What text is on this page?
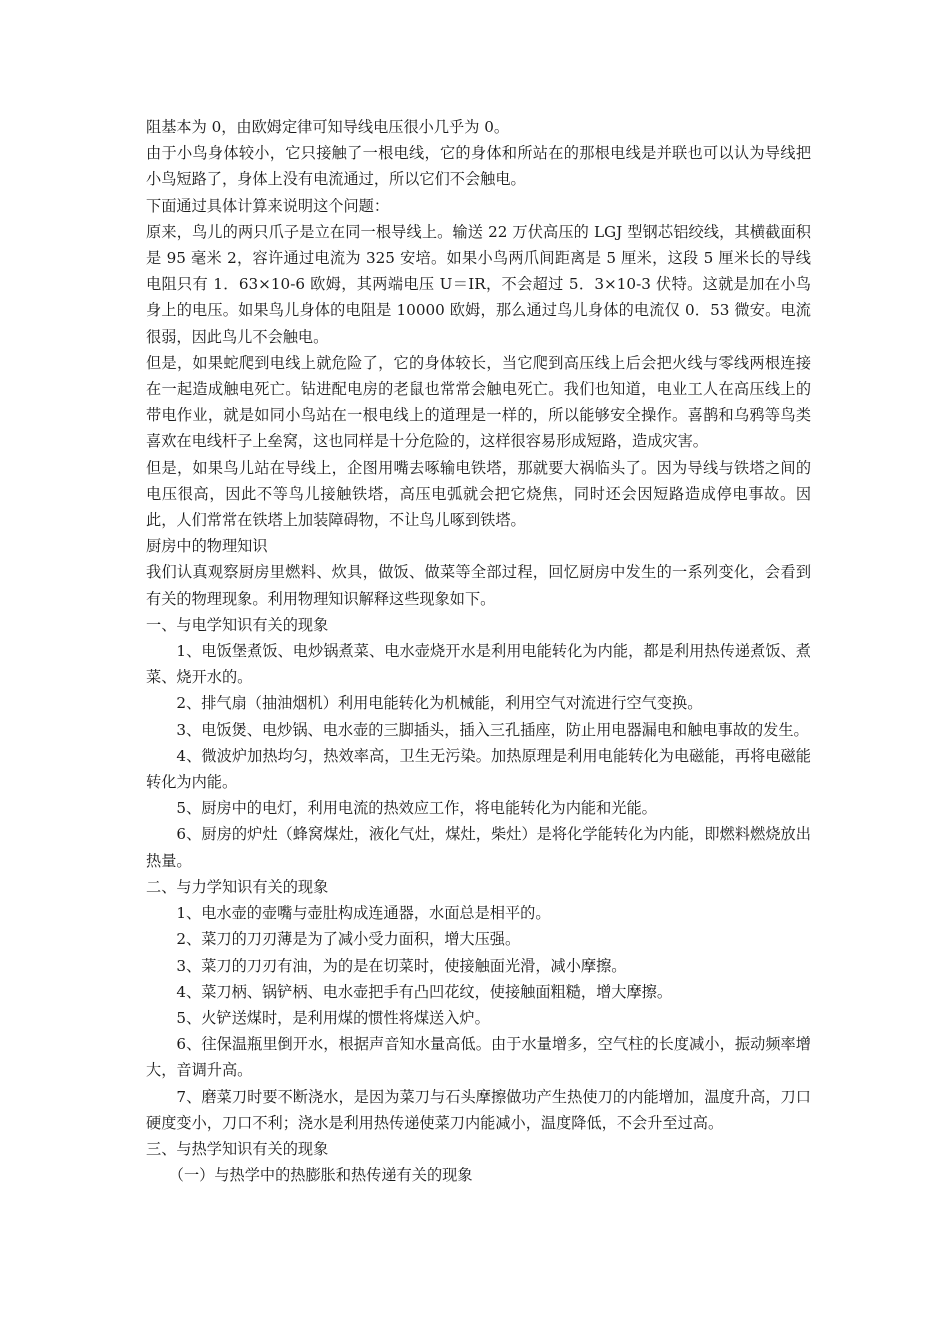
阻基本为 0，由欧姆定律可知导线电压很小几乎为 0。

由于小鸟身体较小，它只接触了一根电线，它的身体和所站在的那根电线是并联也可以认为导线把小鸟短路了，身体上没有电流通过，所以它们不会触电。

下面通过具体计算来说明这个问题：

原来，鸟儿的两只爪子是立在同一根导线上。输送 22 万伏高压的 LGJ 型钢芯铝绞线，其横截面积是 95 毫米 2，容许通过电流为 325 安培。如果小鸟两爪间距离是 5 厘米，这段 5 厘米长的导线电阻只有 1．63×10-6 欧姆，其两端电压 U＝IR，不会超过 5．3×10-3 伏特。这就是加在小鸟身上的电压。如果鸟儿身体的电阻是 10000 欧姆，那么通过鸟儿身体的电流仅 0．53 微安。电流很弱，因此鸟儿不会触电。

但是，如果蛇爬到电线上就危险了，它的身体较长，当它爬到高压线上后会把火线与零线两根连接在一起造成触电死亡。钻进配电房的老鼠也常常会触电死亡。我们也知道，电业工人在高压线上的带电作业，就是如同小鸟站在一根电线上的道理是一样的，所以能够安全操作。喜鹊和乌鸦等鸟类喜欢在电线杆子上垒窝，这也同样是十分危险的，这样很容易形成短路，造成灾害。

但是，如果鸟儿站在导线上，企图用嘴去啄输电铁塔，那就要大祸临头了。因为导线与铁塔之间的电压很高，因此不等鸟儿接触铁塔，高压电弧就会把它烧焦，同时还会因短路造成停电事故。因此，人们常常在铁塔上加装障碍物，不让鸟儿啄到铁塔。

厨房中的物理知识

我们认真观察厨房里燃料、炊具，做饭、做菜等全部过程，回忆厨房中发生的一系列变化，会看到有关的物理现象。利用物理知识解释这些现象如下。

一、与电学知识有关的现象

1、电饭堡煮饭、电炒锅煮菜、电水壶烧开水是利用电能转化为内能，都是利用热传递煮饭、煮菜、烧开水的。

2、排气扇（抽油烟机）利用电能转化为机械能，利用空气对流进行空气变换。

3、电饭煲、电炒锅、电水壶的三脚插头，插入三孔插座，防止用电器漏电和触电事故的发生。

4、微波炉加热均匀，热效率高，卫生无污染。加热原理是利用电能转化为电磁能，再将电磁能转化为内能。

5、厨房中的电灯，利用电流的热效应工作，将电能转化为内能和光能。

6、厨房的炉灶（蜂窝煤灶，液化气灶，煤灶，柴灶）是将化学能转化为内能，即燃料燃烧放出热量。

二、与力学知识有关的现象

1、电水壶的壶嘴与壶肚构成连通器，水面总是相平的。

2、菜刀的刀刃薄是为了减小受力面积，增大压强。

3、菜刀的刀刃有油，为的是在切菜时，使接触面光滑，减小摩擦。

4、菜刀柄、锅铲柄、电水壶把手有凸凹花纹，使接触面粗糙，增大摩擦。

5、火铲送煤时，是利用煤的惯性将煤送入炉。

6、往保温瓶里倒开水，根据声音知水量高低。由于水量增多，空气柱的长度减小，振动频率增大，音调升高。

7、磨菜刀时要不断浇水，是因为菜刀与石头摩擦做功产生热使刀的内能增加，温度升高，刀口硬度变小，刀口不利；浇水是利用热传递使菜刀内能减小，温度降低，不会升至过高。

三、与热学知识有关的现象

（一）与热学中的热膨胀和热传递有关的现象
